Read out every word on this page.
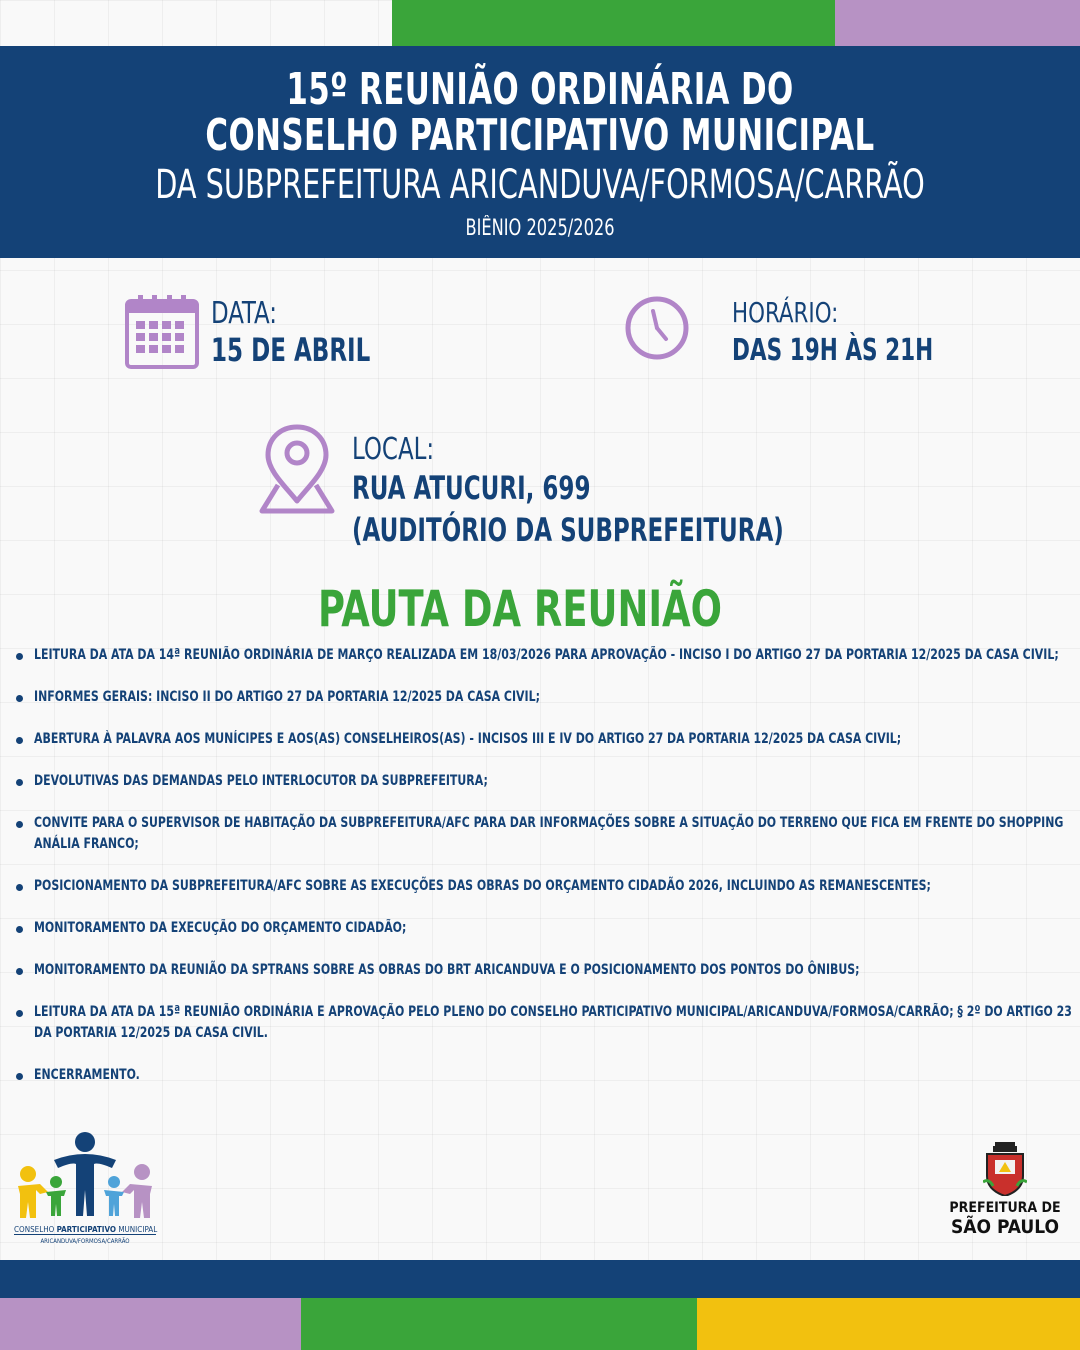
15º REUNIÃO ORDINÁRIA DO
CONSELHO PARTICIPATIVO MUNICIPAL
DA SUBPREFEITURA ARICANDUVA/FORMOSA/CARRÃO
BIÊNIO 2025/2026
DATA:
15 DE ABRIL
HORÁRIO:
DAS 19H ÀS 21H
LOCAL:
RUA ATUCURI, 699
(AUDITÓRIO DA SUBPREFEITURA)
PAUTA DA REUNIÃO
LEITURA DA ATA DA 14ª REUNIÃO ORDINÁRIA DE MARÇO REALIZADA EM 18/03/2026 PARA APROVAÇÃO - INCISO I DO ARTIGO 27 DA PORTARIA 12/2025 DA CASA CIVIL;
INFORMES GERAIS: INCISO II DO ARTIGO 27 DA PORTARIA 12/2025 DA CASA CIVIL;
ABERTURA À PALAVRA AOS MUNÍCIPES E AOS(AS) CONSELHEIROS(AS) - INCISOS III E IV DO ARTIGO 27 DA PORTARIA 12/2025 DA CASA CIVIL;
DEVOLUTIVAS DAS DEMANDAS PELO INTERLOCUTOR DA SUBPREFEITURA;
CONVITE PARA O SUPERVISOR DE HABITAÇÃO DA SUBPREFEITURA/AFC PARA DAR INFORMAÇÕES SOBRE A SITUAÇÃO DO TERRENO QUE FICA EM FRENTE DO SHOPPING ANÁLIA FRANCO;
POSICIONAMENTO DA SUBPREFEITURA/AFC SOBRE AS EXECUÇÕES DAS OBRAS DO ORÇAMENTO CIDADÃO 2026, INCLUINDO AS REMANESCENTES;
MONITORAMENTO DA EXECUÇÃO DO ORÇAMENTO CIDADÃO;
MONITORAMENTO DA REUNIÃO DA SPTRANS SOBRE AS OBRAS DO BRT ARICANDUVA E O POSICIONAMENTO DOS PONTOS DO ÔNIBUS;
LEITURA DA ATA DA 15ª REUNIÃO ORDINÁRIA E APROVAÇÃO PELO PLENO DO CONSELHO PARTICIPATIVO MUNICIPAL/ARICANDUVA/FORMOSA/CARRÃO; § 2º DO ARTIGO 23 DA PORTARIA 12/2025 DA CASA CIVIL.
ENCERRAMENTO.
CONSELHO PARTICIPATIVO MUNICIPAL
ARICANDUVA/FORMOSA/CARRÃO
PREFEITURA DE
SÃO PAULO
